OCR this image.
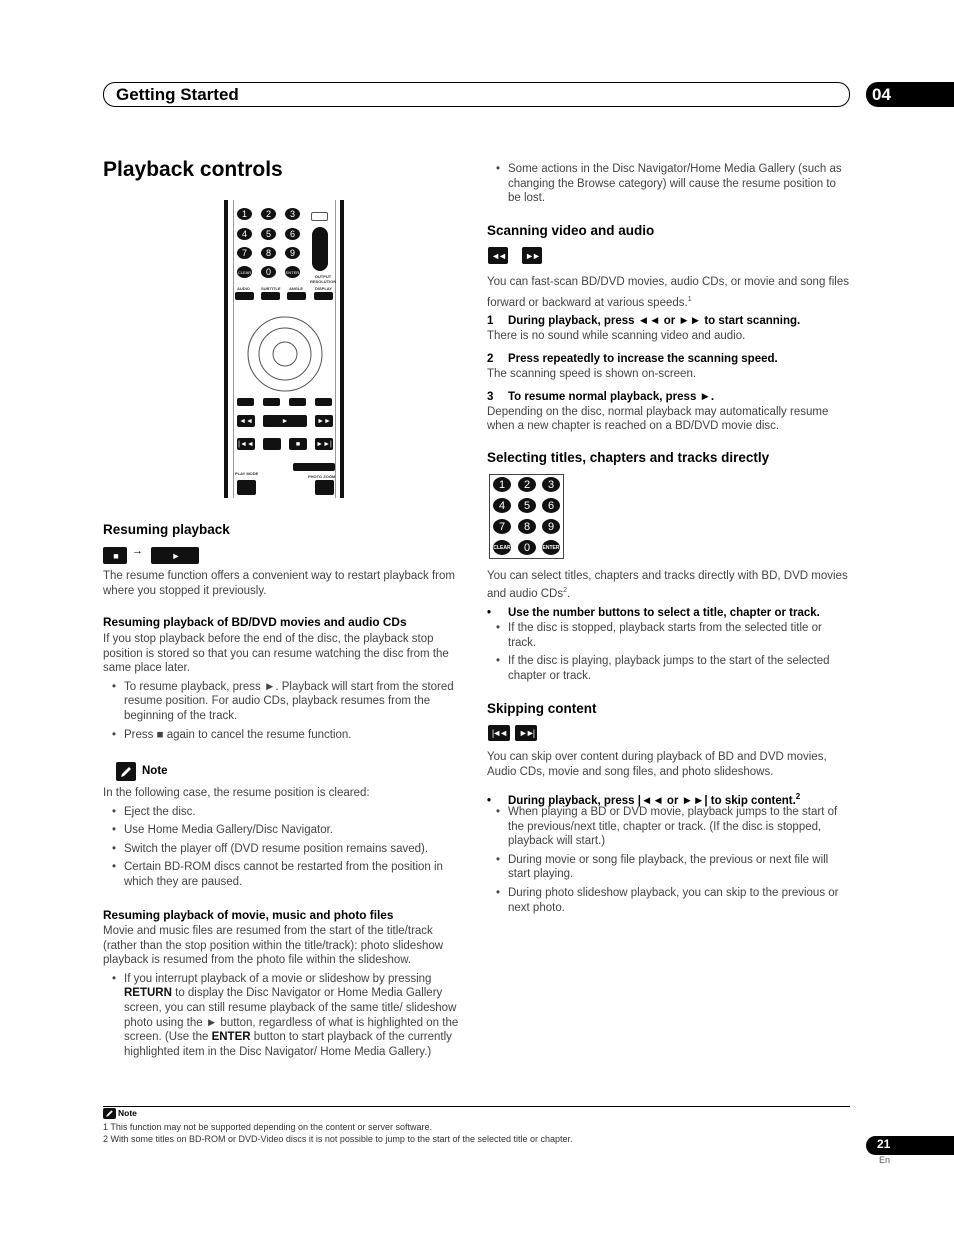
Getting Started	04
Playback controls
1	2	3
4	5	6
7	8	9
CLEAR	0	ENTER
OUTPUT RESOLUTION
AUDIO	SUBTITLE ANGLE	DISPLAY
◄◄	►	►►
|◄◄	■	►►|
PLAY MODE
PHOTO ZOOM
Resuming playback
■	→	►

The resume function offers a convenient way to restart playback from where you stopped it previously.

Resuming playback of BD/DVD movies and audio CDs

If you stop playback before the end of the disc, the playback stop position is stored so that you can resume watching the disc from the same place later.

• To resume playback, press ►. Playback will start from the stored resume position. For audio CDs, playback resumes from the beginning of the track.
• Press ■ again to cancel the resume function.
Note

In the following case, the resume position is cleared:

• Eject the disc.
• Use Home Media Gallery/Disc Navigator.
• Switch the player off (DVD resume position remains saved).
• Certain BD-ROM discs cannot be restarted from the position in which they are paused.
Resuming playback of movie, music and photo files

Movie and music files are resumed from the start of the title/track (rather than the stop position within the title/track): photo slideshow playback is resumed from the photo file within the slideshow.

• If you interrupt playback of a movie or slideshow by pressing RETURN to display the Disc Navigator or Home Media Gallery screen, you can still resume playback of the same title/ slideshow photo using the ► button, regardless of what is highlighted on the screen. (Use the ENTER button to start playback of the currently highlighted item in the Disc Navigator/ Home Media Gallery.)
• Some actions in the Disc Navigator/Home Media Gallery (such as changing the Browse category) will cause the resume position to be lost.
Scanning video and audio
◄◄	►►
You can fast-scan BD/DVD movies, audio CDs, or movie and song files forward or backward at various speeds.$^1$
1 During playback, press ◄◄ or ►► to start scanning.
There is no sound while scanning video and audio.
2 Press repeatedly to increase the scanning speed.
The scanning speed is shown on-screen.
3 To resume normal playback, press ►.
Depending on the disc, normal playback may automatically resume when a new chapter is reached on a BD/DVD movie disc.
Selecting titles, chapters and tracks directly
1	2	3
4	5	6
7	8	9
CLEAR	0	ENTER

You can select titles, chapters and tracks directly with BD, DVD movies and audio CDs$^2$.

• Use the number buttons to select a title, chapter or track.
• If the disc is stopped, playback starts from the selected title or track.
• If the disc is playing, playback jumps to the start of the selected chapter or track.
Skipping content
|◄◄	►►|

You can skip over content during playback of BD and DVD movies, Audio CDs, movie and song files, and photo slideshows.

• During playback, press |◄◄ or ►►| to skip content.$^2$
• When playing a BD or DVD movie, playback jumps to the start of the previous/next title, chapter or track. (If the disc is stopped, playback will start.)
• During movie or song file playback, the previous or next file will start playing.
• During photo slideshow playback, you can skip to the previous or next photo.
Note
1 This function may not be supported depending on the content or server software.
2 With some titles on BD-ROM or DVD-Video discs it is not possible to jump to the start of the selected title or chapter.	21
En
